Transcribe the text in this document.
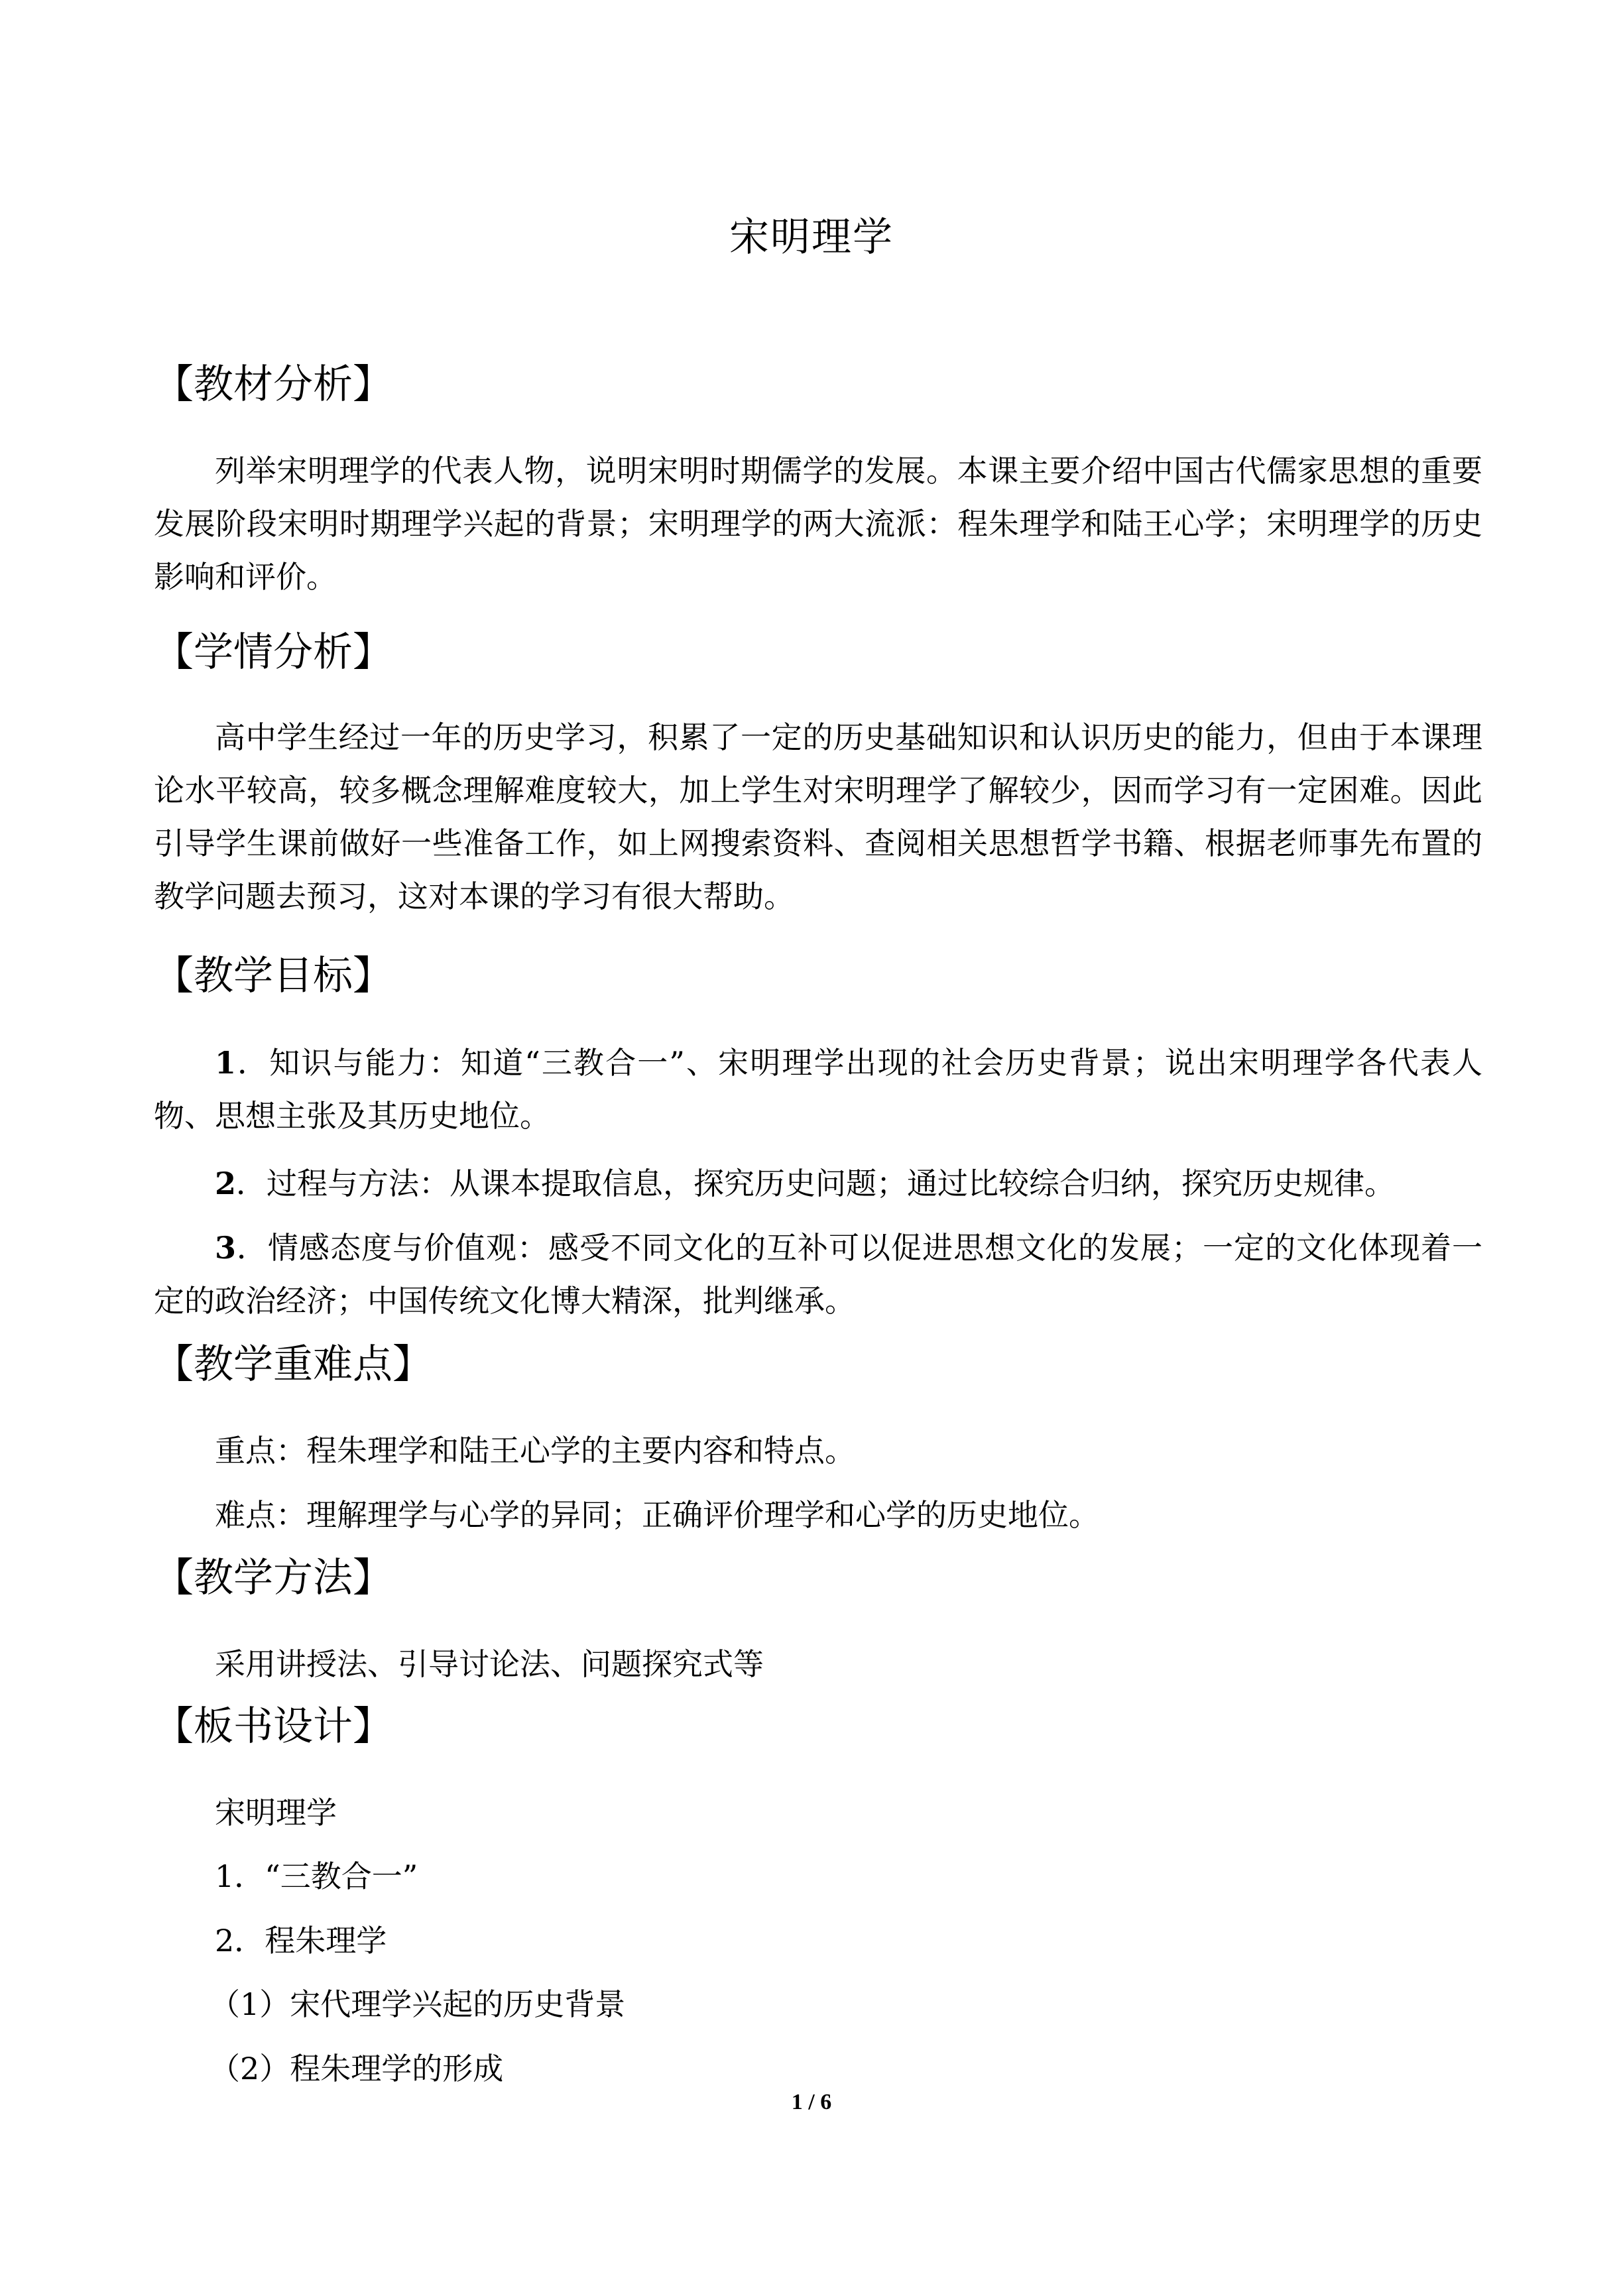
宋明理学
【教材分析】
列举宋明理学的代表人物，说明宋明时期儒学的发展。本课主要介绍中国古代儒家思想的重要发展阶段宋明时期理学兴起的背景；宋明理学的两大流派：程朱理学和陆王心学；宋明理学的历史影响和评价。
【学情分析】
高中学生经过一年的历史学习，积累了一定的历史基础知识和认识历史的能力，但由于本课理论水平较高，较多概念理解难度较大，加上学生对宋明理学了解较少，因而学习有一定困难。因此引导学生课前做好一些准备工作，如上网搜索资料、查阅相关思想哲学书籍、根据老师事先布置的教学问题去预习，这对本课的学习有很大帮助。
【教学目标】
1．知识与能力：知道“三教合一”、宋明理学出现的社会历史背景；说出宋明理学各代表人物、思想主张及其历史地位。
2．过程与方法：从课本提取信息，探究历史问题；通过比较综合归纳，探究历史规律。
3．情感态度与价值观：感受不同文化的互补可以促进思想文化的发展；一定的文化体现着一定的政治经济；中国传统文化博大精深，批判继承。
【教学重难点】
重点：程朱理学和陆王心学的主要内容和特点。
难点：理解理学与心学的异同；正确评价理学和心学的历史地位。
【教学方法】
采用讲授法、引导讨论法、问题探究式等
【板书设计】
宋明理学
1．“三教合一”
2．程朱理学
（1）宋代理学兴起的历史背景
（2）程朱理学的形成
1 / 6
